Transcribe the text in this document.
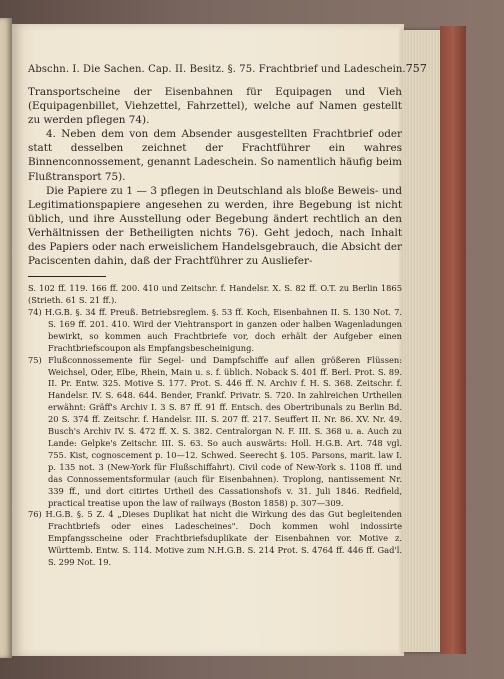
Abschn. I. Die Sachen. Cap. II. Besitz. §. 75. Frachtbrief und Ladeschein. 757

Transportscheine der Eisenbahnen für Equipagen und Vieh (Equipagenbillet, Viehzettel, Fahrzettel), welche auf Namen gestellt zu werden pflegen 74).

4. Neben dem von dem Absender ausgestellten Frachtbrief oder statt desselben zeichnet der Frachtführer ein wahres Binnenconnossement, genannt Ladeschein. So namentlich häufig beim Flußtransport 75).

Die Papiere zu 1 — 3 pflegen in Deutschland als bloße Beweis- und Legitimationspapiere angesehen zu werden, ihre Begebung ist nicht üblich, und ihre Ausstellung oder Begebung ändert rechtlich an den Verhältnissen der Betheiligten nichts 76). Geht jedoch, nach Inhalt des Papiers oder nach erweislichem Handelsgebrauch, die Absicht der Paciscenten dahin, daß der Frachtführer zu Ausliefer-

S. 102 ff. 119. 166 ff. 200. 410 und Zeitschr. f. Handelsr. X. S. 82 ff. O.T. zu Berlin 1865 (Strieth. 61 S. 21 ff.).

74) H.G.B. §. 34 ff. Preuß. Betriebsreglem. §. 53 ff. Koch, Eisenbahnen II. S. 130 Not. 7. S. 169 ff. 201. 410. Wird der Viehtransport in ganzen oder halben Wagenladungen bewirkt, so kommen auch Frachtbriefe vor, doch erhält der Aufgeber einen Frachtbriefscoupon als Empfangsbescheinigung.

75) Flußconnossemente für Segel- und Dampfschiffe auf allen größeren Flüssen: Weichsel, Oder, Elbe, Rhein, Main u. s. f. üblich. Noback S. 401 ff. Berl. Prot. S. 89. II. Pr. Entw. 325. Motive S. 177. Prot. S. 446 ff. N. Archiv f. H. S. 368. Zeitschr. f. Handelsr. IV. S. 648. 644. Bender, Frankf. Privatr. S. 720. In zahlreichen Urtheilen erwähnt: Gräff's Archiv I. 3 S. 87 ff. 91 ff. Entsch. des Obertribunals zu Berlin Bd. 20 S. 374 ff. Zeitschr. f. Handelsr. III. S. 207 ff. 217. Seuffert II. Nr. 86. XV. Nr. 49. Busch's Archiv IV. S. 472 ff. X. S. 382. Centralorgan N. F. III. S. 368 u. a. Auch zu Lande: Gelpke's Zeitschr. III. S. 63. So auch auswärts: Holl. H.G.B. Art. 748 vgl. 755. Kist, cognoscement p. 10—12. Schwed. Seerecht §. 105. Parsons, marit. law I. p. 135 not. 3 (New-York für Flußschiffahrt). Civil code of New-York s. 1108 ff. und das Connossementsformular (auch für Eisenbahnen). Troplong, nantissement Nr. 339 ff., und dort citirtes Urtheil des Cassationshofs v. 31. Juli 1846. Redfield, practical treatise upon the law of railways (Boston 1858) p. 307—309.

76) H.G.B. §. 5 Z. 4 „Dieses Duplikat hat nicht die Wirkung des das Gut begleitenden Frachtbriefs oder eines Ladescheines". Doch kommen wohl indossirte Empfangsscheine oder Frachtbriefsduplikate der Eisenbahnen vor. Motive z. Württemb. Entw. S. 114. Motive zum N.H.G.B. S. 214 Prot. S. 4764 ff. 446 ff. Gad'l. S. 299 Not. 19.
